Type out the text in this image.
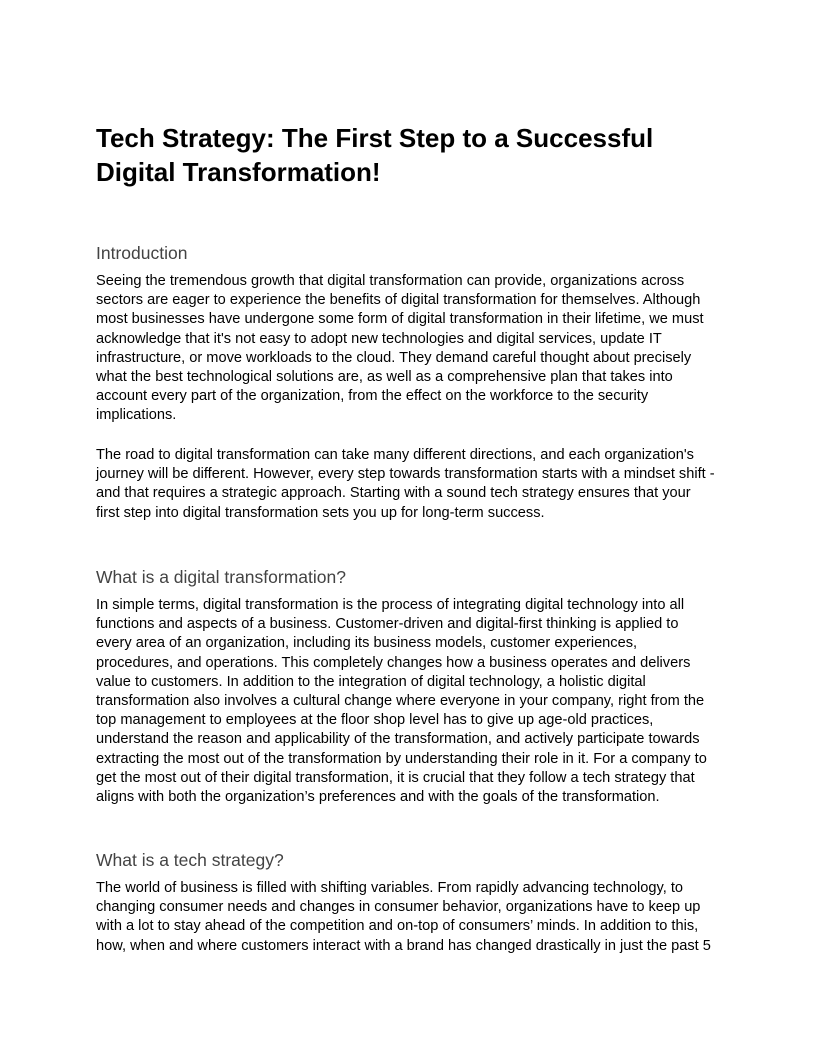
Tech Strategy: The First Step to a Successful
Digital Transformation!
Introduction

Seeing the tremendous growth that digital transformation can provide, organizations across
sectors are eager to experience the benefits of digital transformation for themselves. Although
most businesses have undergone some form of digital transformation in their lifetime, we must
acknowledge that it's not easy to adopt new technologies and digital services, update IT
infrastructure, or move workloads to the cloud. They demand careful thought about precisely
what the best technological solutions are, as well as a comprehensive plan that takes into
account every part of the organization, from the effect on the workforce to the security
implications.

The road to digital transformation can take many different directions, and each organization's
journey will be different. However, every step towards transformation starts with a mindset shift -
and that requires a strategic approach. Starting with a sound tech strategy ensures that your
first step into digital transformation sets you up for long-term success.

What is a digital transformation?

In simple terms, digital transformation is the process of integrating digital technology into all
functions and aspects of a business. Customer-driven and digital-first thinking is applied to
every area of an organization, including its business models, customer experiences,
procedures, and operations. This completely changes how a business operates and delivers
value to customers. In addition to the integration of digital technology, a holistic digital
transformation also involves a cultural change where everyone in your company, right from the
top management to employees at the floor shop level has to give up age-old practices,
understand the reason and applicability of the transformation, and actively participate towards
extracting the most out of the transformation by understanding their role in it. For a company to
get the most out of their digital transformation, it is crucial that they follow a tech strategy that
aligns with both the organization’s preferences and with the goals of the transformation.

What is a tech strategy?

The world of business is filled with shifting variables. From rapidly advancing technology, to
changing consumer needs and changes in consumer behavior, organizations have to keep up
with a lot to stay ahead of the competition and on-top of consumers’ minds. In addition to this,
how, when and where customers interact with a brand has changed drastically in just the past 5
